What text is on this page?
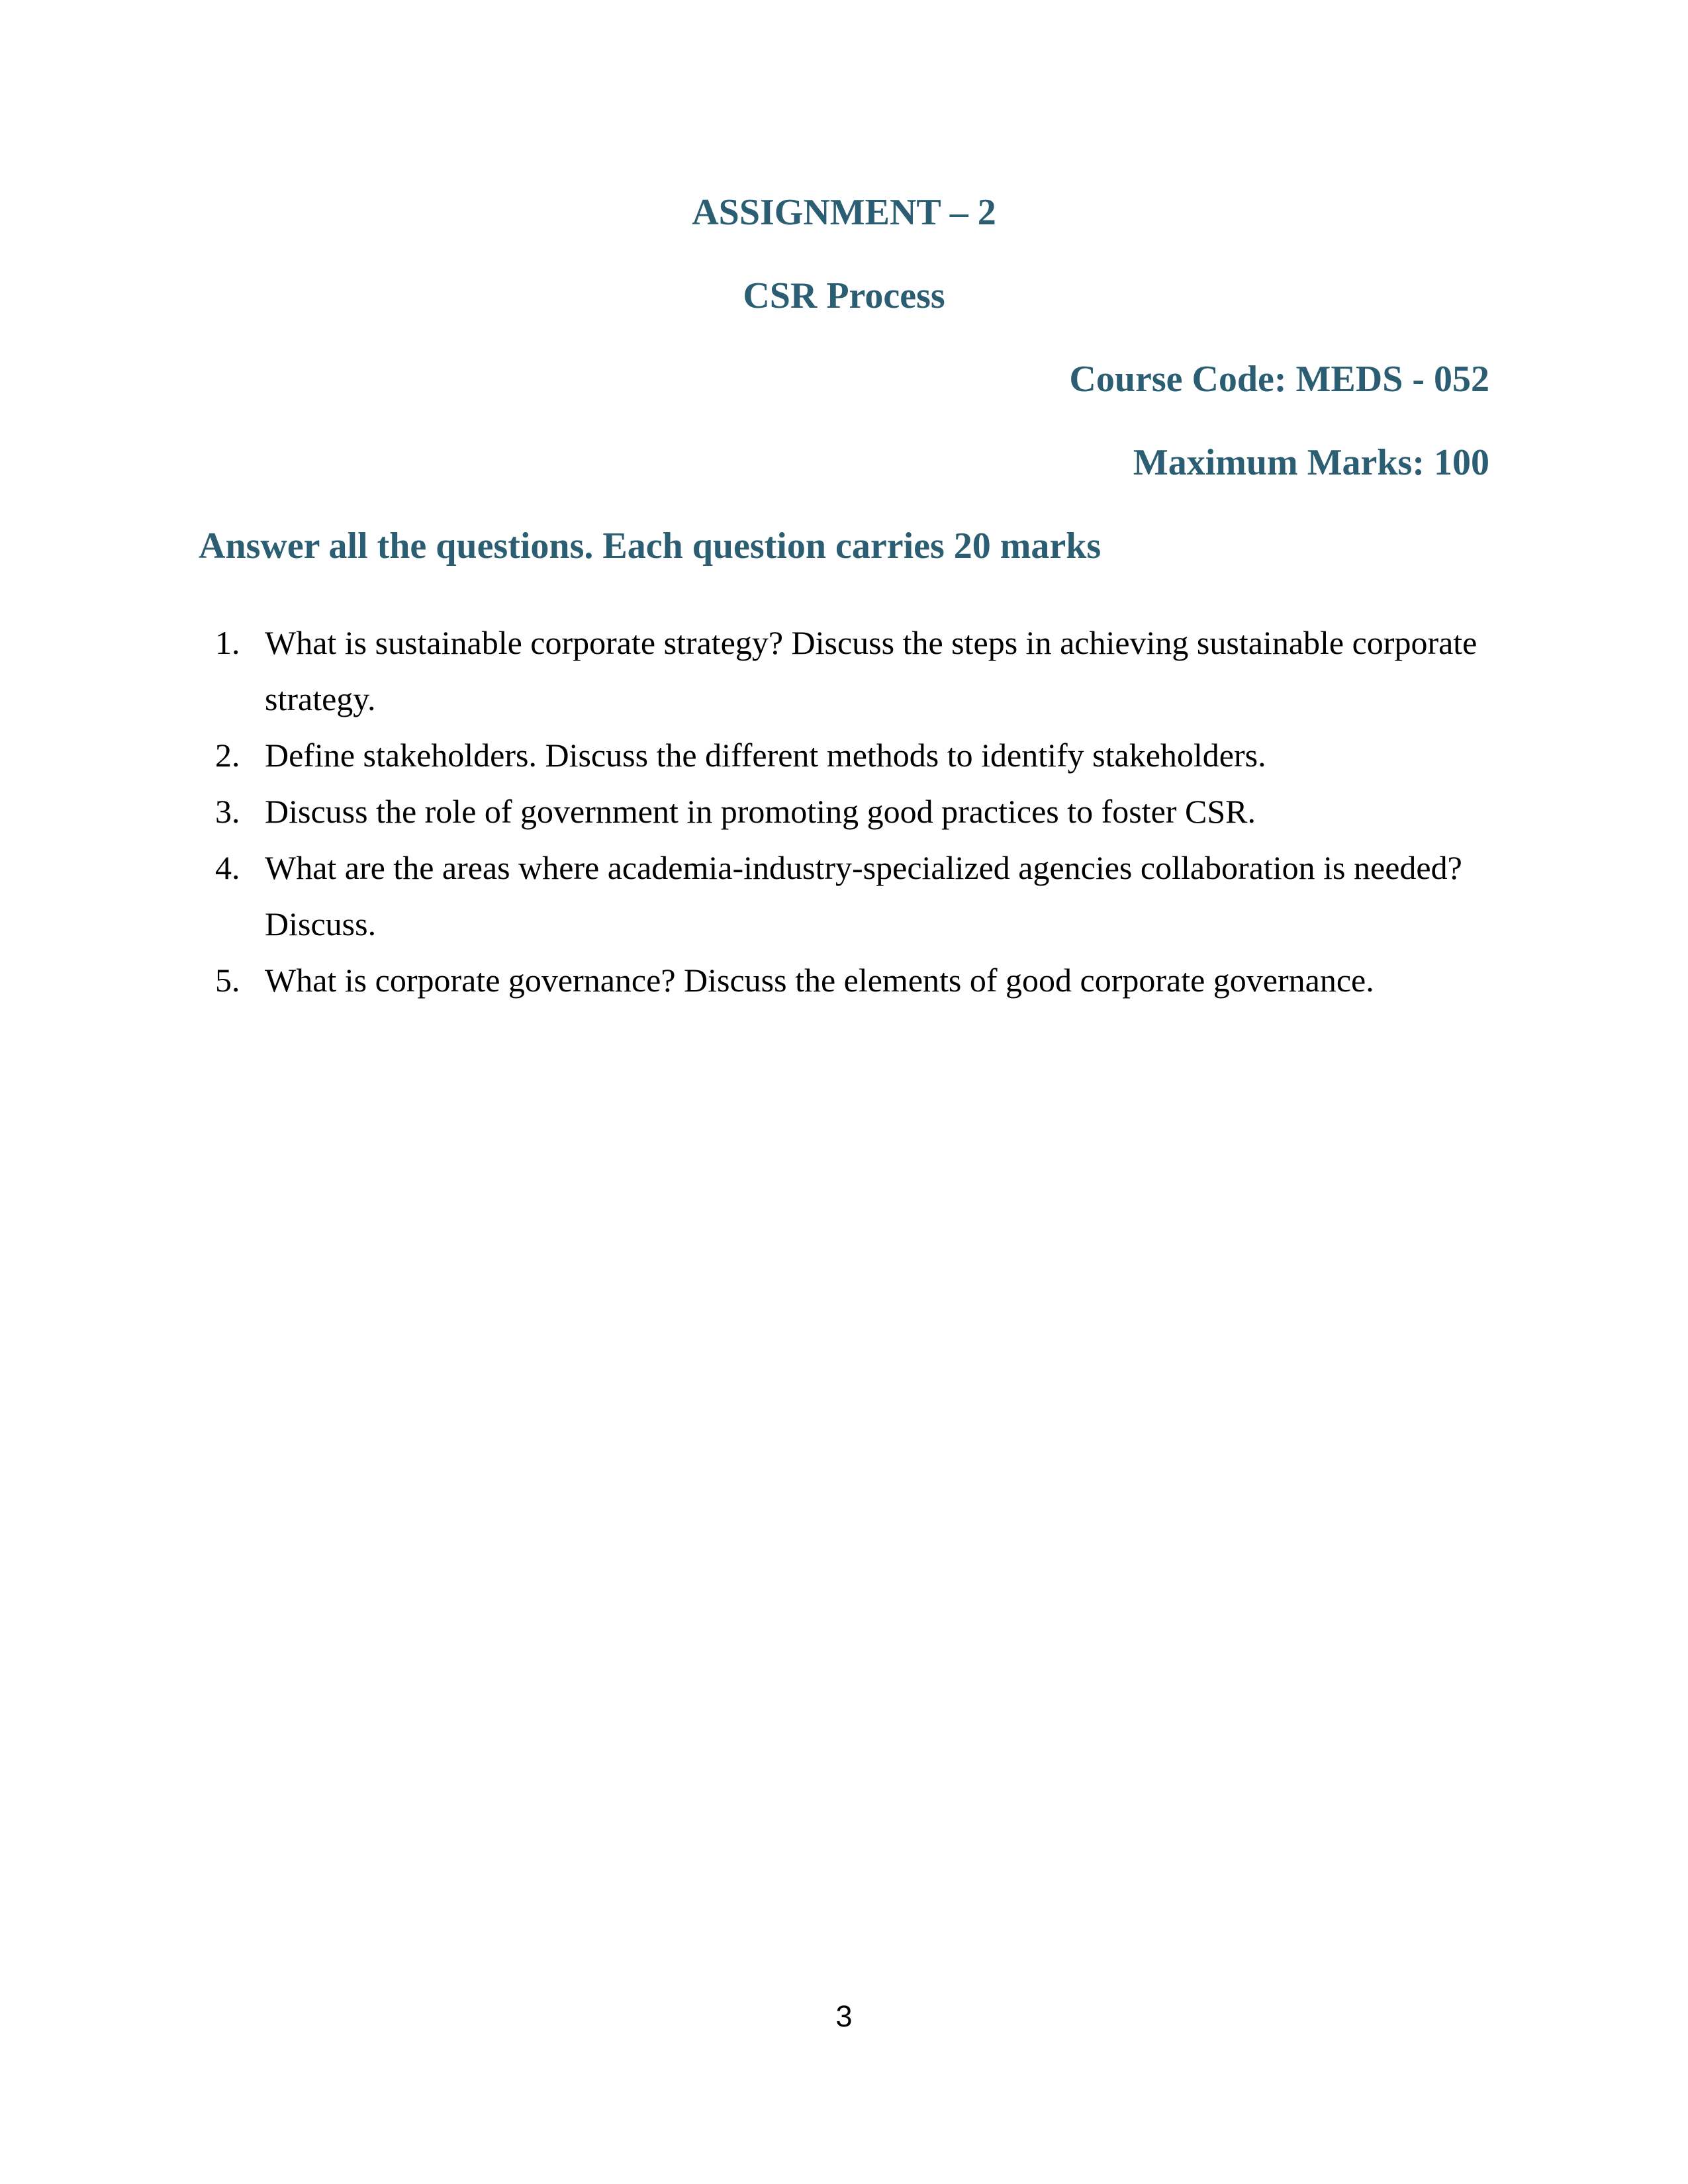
ASSIGNMENT – 2
CSR Process
Course Code: MEDS - 052
Maximum Marks: 100
Answer all the questions. Each question carries 20 marks
1. What is sustainable corporate strategy? Discuss the steps in achieving sustainable corporate strategy.
2. Define stakeholders. Discuss the different methods to identify stakeholders.
3. Discuss the role of government in promoting good practices to foster CSR.
4. What are the areas where academia-industry-specialized agencies collaboration is needed? Discuss.
5. What is corporate governance? Discuss the elements of good corporate governance.
3
